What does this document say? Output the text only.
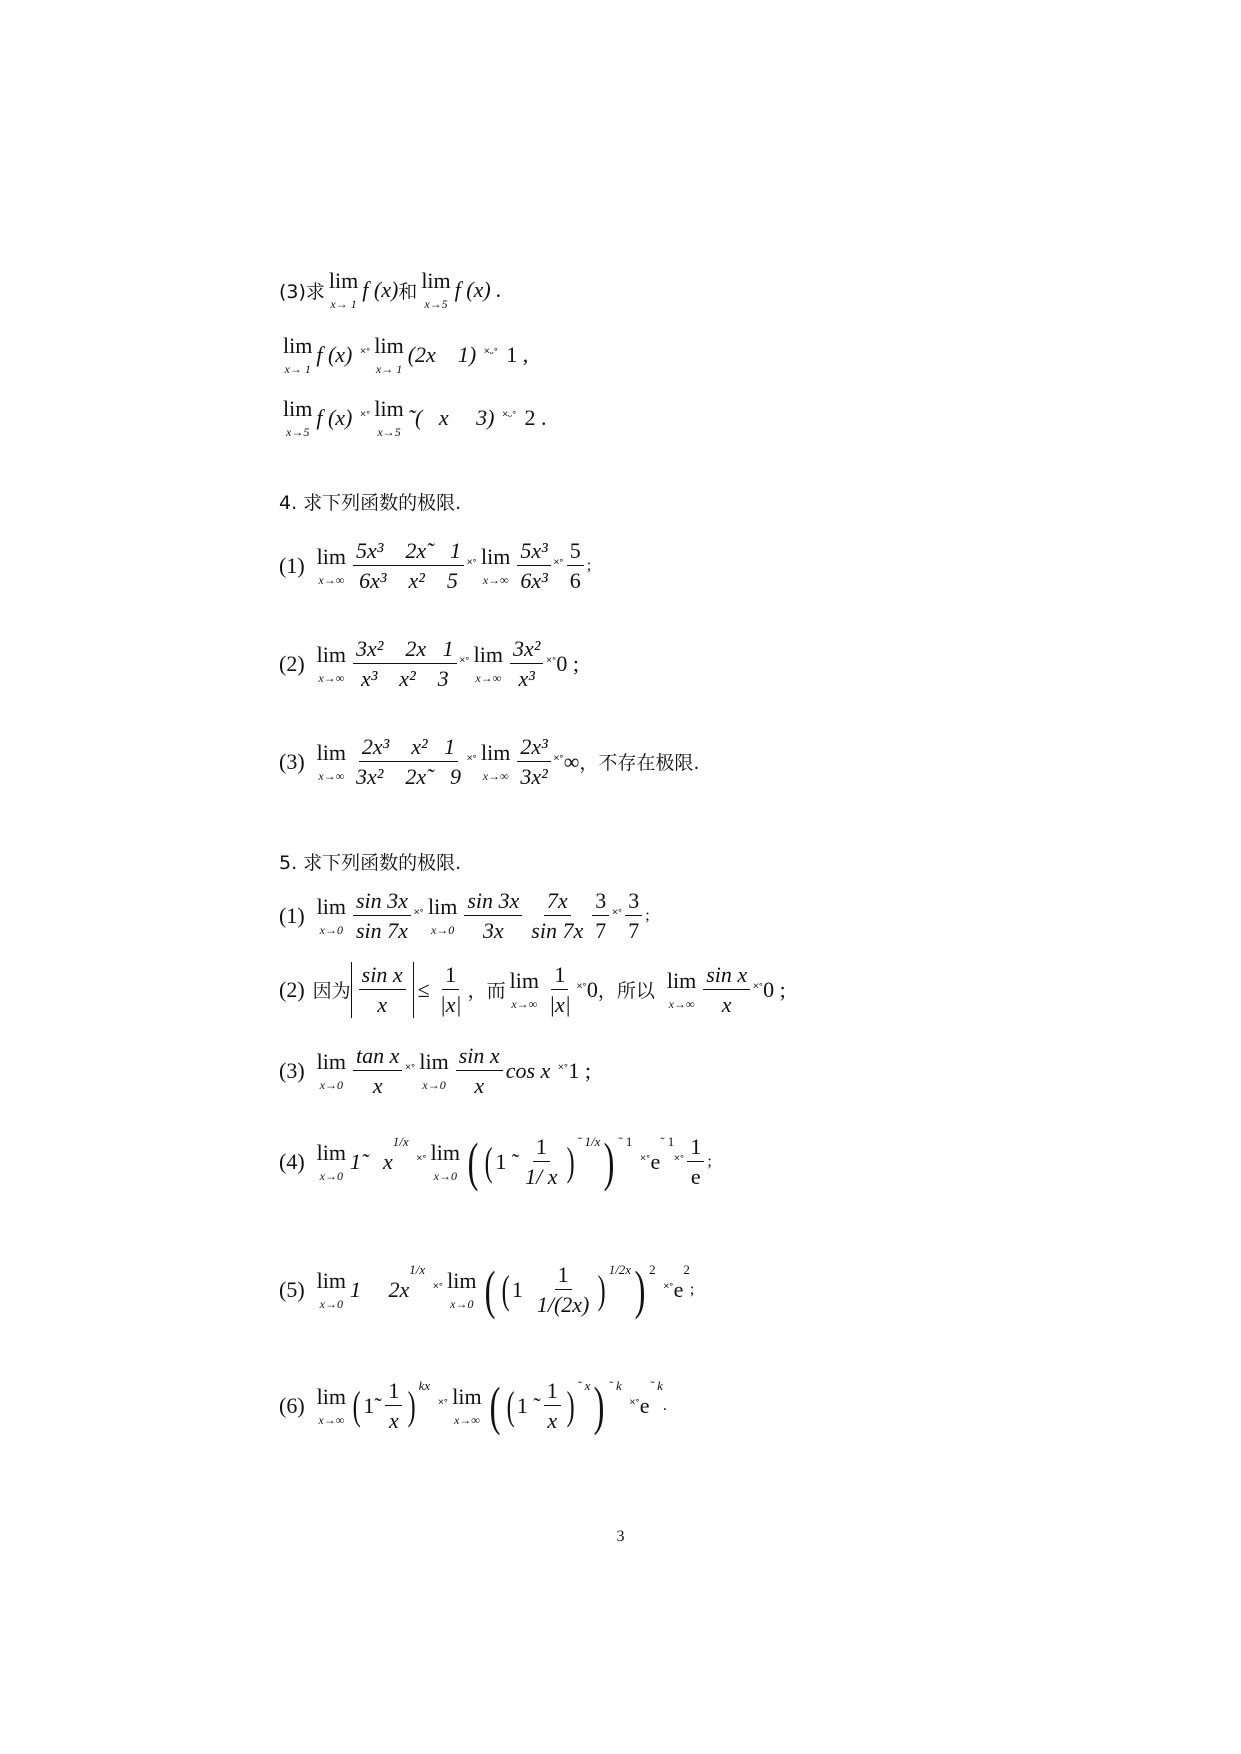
(3)求 lim
x→ 1
f (x) 和 lim
x→5
f (x) .
lim
x→ 1
f (x) ˟˚ lim
x→ 1
(2x    1) ˟ᵕ˚ 1 ,
lim
x→5
f (x) ˟˚ lim
x→5
˜(   x     3) ˟ᵕ˚ 2 .
4. 求下列函数的极限.
(1) lim
$x\to\infty \frac{\text{5x³    2x˜   1}}{\text{6x³    x²    5}}$ ˟˚ lim
$x\to\infty \frac{\text{5x³}}{\text{6x³}}$ ˟˚ $\frac{5}{6}$ ;
(2) lim
$x\to\infty \frac{\text{3x²    2x   1}}{\text{x³    x²    3}}$ ˟˚ lim
$x\to\infty \frac{\text{3x²}}{\text{x³}}$ ˟˚ 0 ;
(3) lim
$x\to\infty \frac{\text{2x³    x²   1}}{\text{3x²    2x˜   9}}$ ˟˚ lim
$x\to\infty \frac{\text{2x³}}{\text{3x²}}$ ˟˚ ∞ ，不存在极限.
5. 求下列函数的极限.
(1) lim
$x\to 0 \frac{\sin 3x}{\sin 7x}$ ˟˚ lim
$x\to 0 \frac{\sin 3x}{3x} \frac{7x}{\sin 7x} \frac{3}{7}$ ˟˚ $\frac{3}{7}$ ;
(2) 因为 $\frac{\text{sin x}}{x} \le \frac{1}{|x|}$ ，而 lim
$x\to\infty \frac{1}{|x|}$ ˟˚ 0 ，所以 lim
$x\to\infty \frac{\text{sin x}}{x}$ ˟˚ 0 ;
(3) lim
$x\to 0 \frac{\text{tan x}}{x}$ ˟˚ lim
$x\to 0 \frac{\text{sin x}}{x}$ cos x ˟˚ 1 ;
(4) lim
x→0
1̃    x
$^{1/x}$
˟˚ lim
x→0 ( ( 1 ˜ $\frac{1}{1/ x} )^{˜ 1/x}$ ) $^{˜ 1}$
˟˚ e
$^{˜ 1}$
˟˚ $\frac{1}{e}$ ;
(5) lim
x→0
1     2x
$^{1/x}$
˟˚ lim
x→0 ( ( $1 \frac{1}{1/(2x)} )^{1/2x}$ ) $^2$
˟˚ e
$^2$
;
(6) lim
x→∞ ( 1̃ $\frac{1}{x} )^{kx}$
˟˚ lim
x→∞ ( ( 1 ˜ $\frac{1}{x} )^{˜ x}$ ) $^{˜ k}$
˟˚ e
$^{˜ k}$
.
3
